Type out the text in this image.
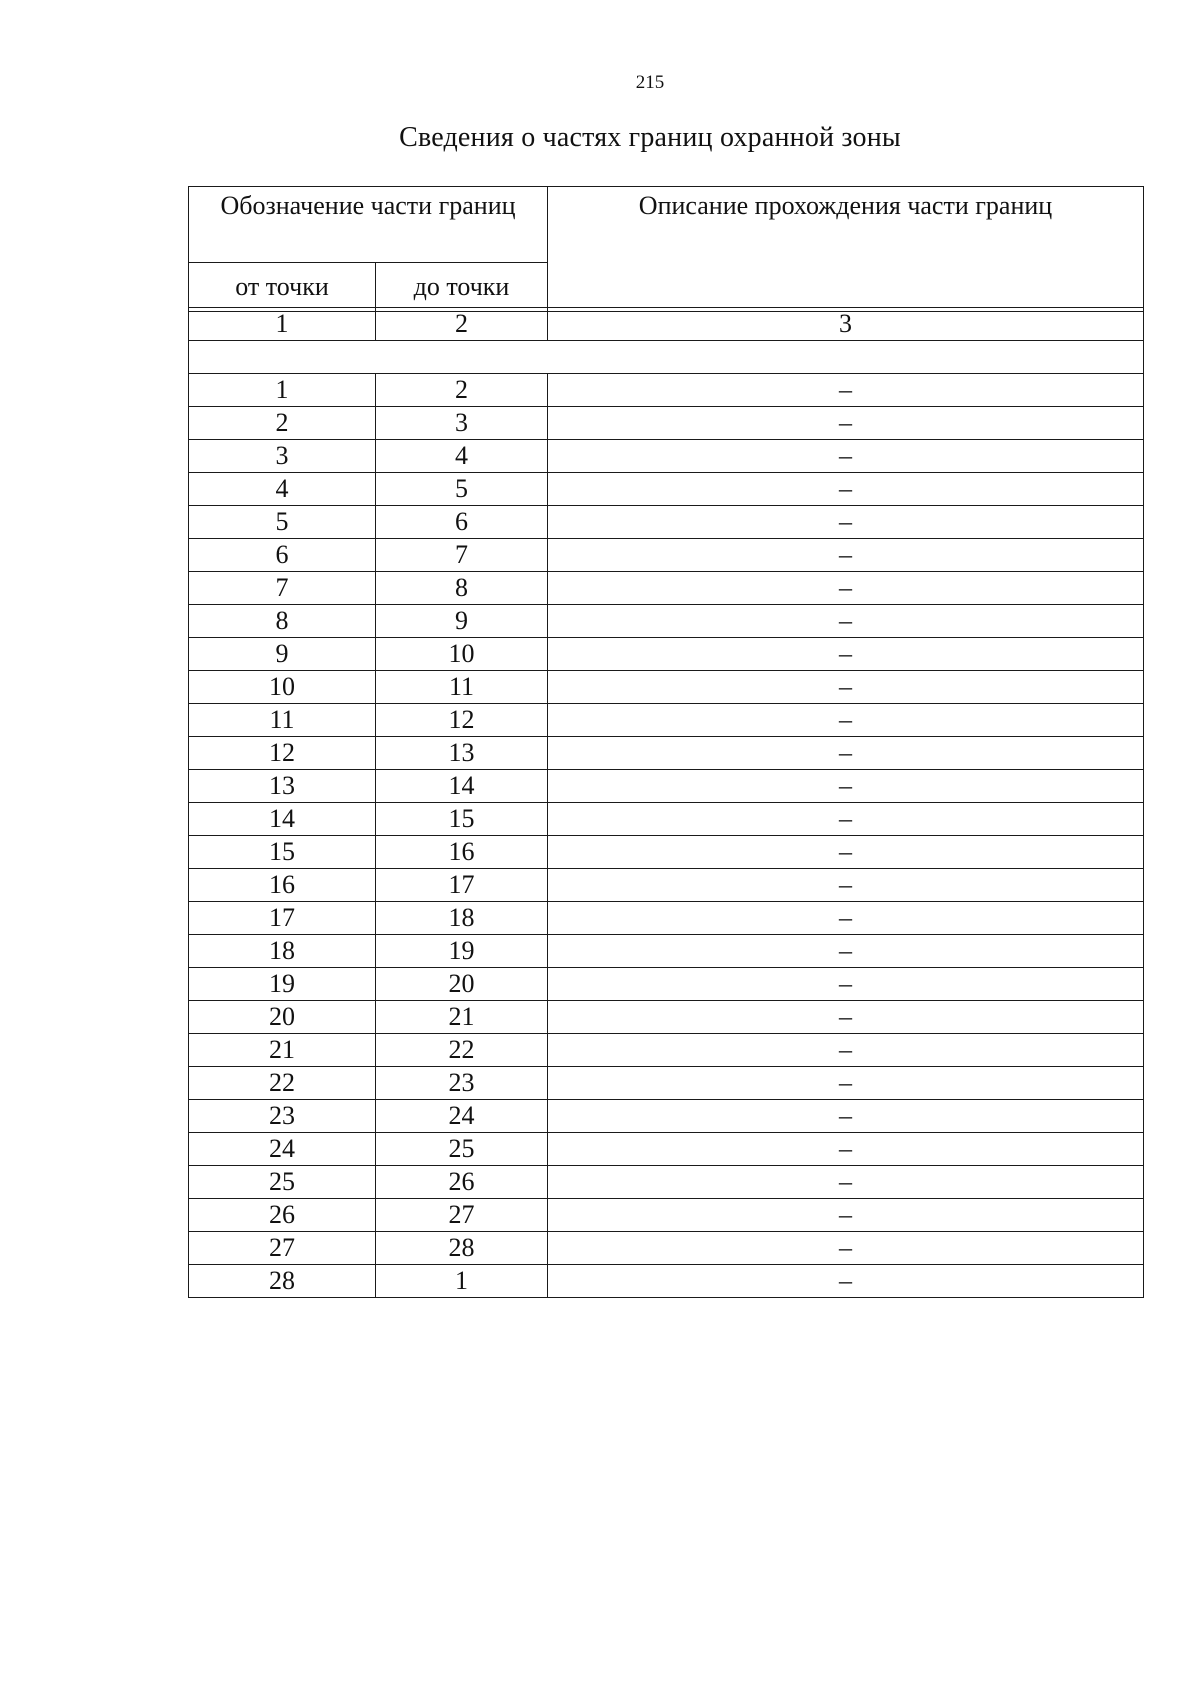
215
Сведения о частях границ охранной зоны
Обозначение части границ		Описание прохождения части границ
от точки	до точки	
1	2	3

1	2	–
2	3	–
3	4	–
4	5	–
5	6	–
6	7	–
7	8	–
8	9	–
9	10	–
10	11	–
11	12	–
12	13	–
13	14	–
14	15	–
15	16	–
16	17	–
17	18	–
18	19	–
19	20	–
20	21	–
21	22	–
22	23	–
23	24	–
24	25	–
25	26	–
26	27	–
27	28	–
28	1	–
